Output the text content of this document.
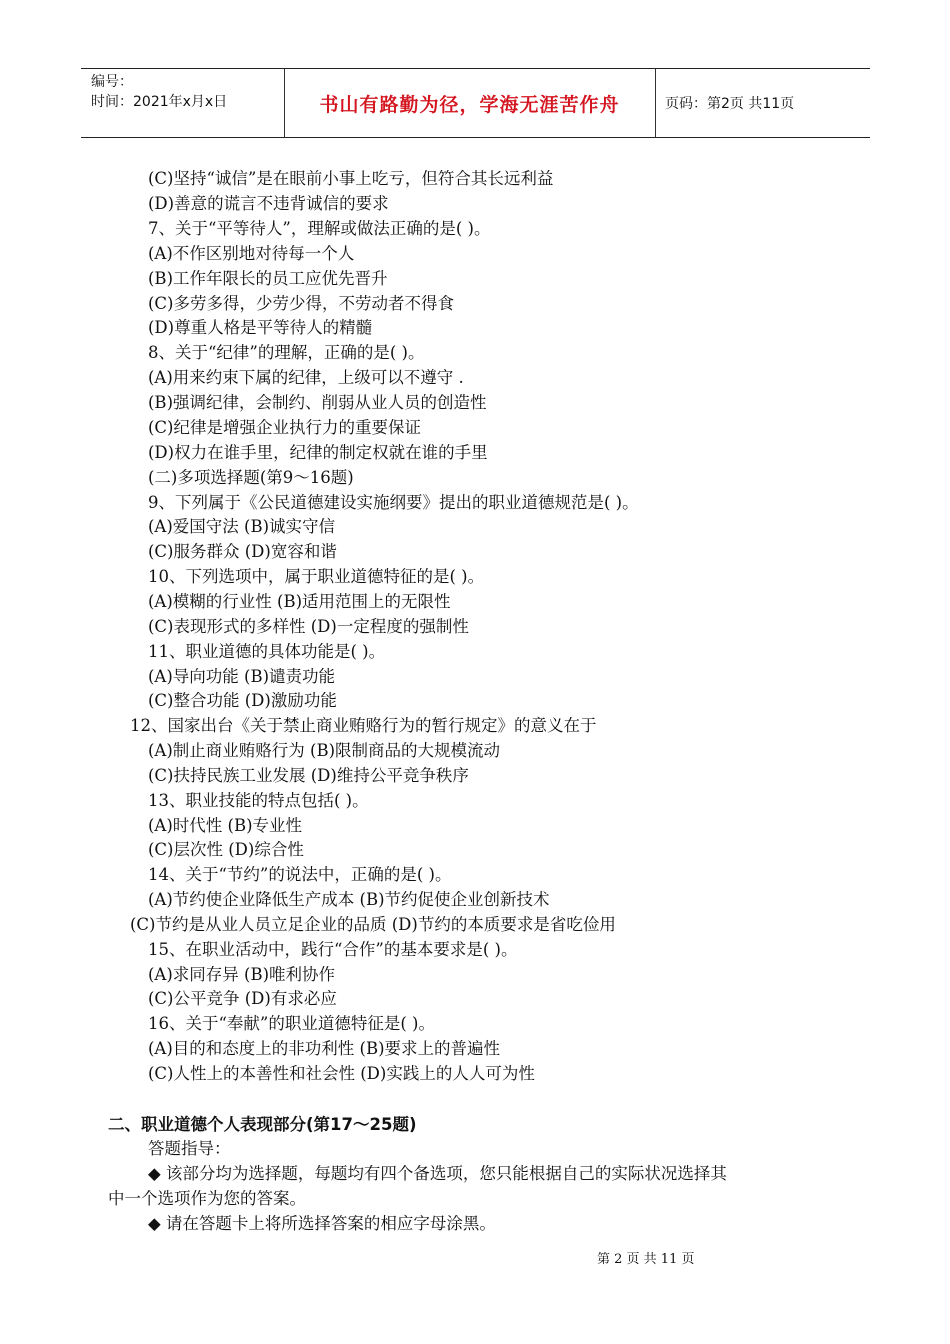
编号：
时间：2021年x月x日	书山有路勤为径，学海无涯苦作舟	页码：第2页 共11页
(C)坚持“诚信”是在眼前小事上吃亏，但符合其长远利益
(D)善意的谎言不违背诚信的要求
7、关于“平等待人”，理解或做法正确的是( )。
(A)不作区别地对待每一个人
(B)工作年限长的员工应优先晋升
(C)多劳多得，少劳少得，不劳动者不得食
(D)尊重人格是平等待人的精髓
8、关于“纪律”的理解，正确的是( )。
(A)用来约束下属的纪律，上级可以不遵守 .
(B)强调纪律，会制约、削弱从业人员的创造性
(C)纪律是增强企业执行力的重要保证
(D)权力在谁手里，纪律的制定权就在谁的手里
(二)多项选择题(第9～16题)
9、下列属于《公民道德建设实施纲要》提出的职业道德规范是( )。
(A)爱国守法 (B)诚实守信
(C)服务群众 (D)宽容和谐
10、下列选项中，属于职业道德特征的是( )。
(A)模糊的行业性 (B)适用范围上的无限性
(C)表现形式的多样性 (D)一定程度的强制性
11、职业道德的具体功能是( )。
(A)导向功能 (B)谴责功能
(C)整合功能 (D)激励功能
12、国家出台《关于禁止商业贿赂行为的暂行规定》的意义在于
(A)制止商业贿赂行为 (B)限制商品的大规模流动
(C)扶持民族工业发展 (D)维持公平竞争秩序
13、职业技能的特点包括( )。
(A)时代性 (B)专业性
(C)层次性 (D)综合性
14、关于“节约”的说法中，正确的是( )。
(A)节约使企业降低生产成本 (B)节约促使企业创新技术
(C)节约是从业人员立足企业的品质 (D)节约的本质要求是省吃俭用
15、在职业活动中，践行“合作”的基本要求是( )。
(A)求同存异 (B)唯利协作
(C)公平竞争 (D)有求必应
16、关于“奉献”的职业道德特征是( )。
(A)目的和态度上的非功利性 (B)要求上的普遍性
(C)人性上的本善性和社会性 (D)实践上的人人可为性
二、职业道德个人表现部分(第17～25题)
答题指导：
◆ 该部分均为选择题，每题均有四个备选项，您只能根据自己的实际状况选择其
中一个选项作为您的答案。
◆ 请在答题卡上将所选择答案的相应字母涂黑。
第 2 页 共 11 页
